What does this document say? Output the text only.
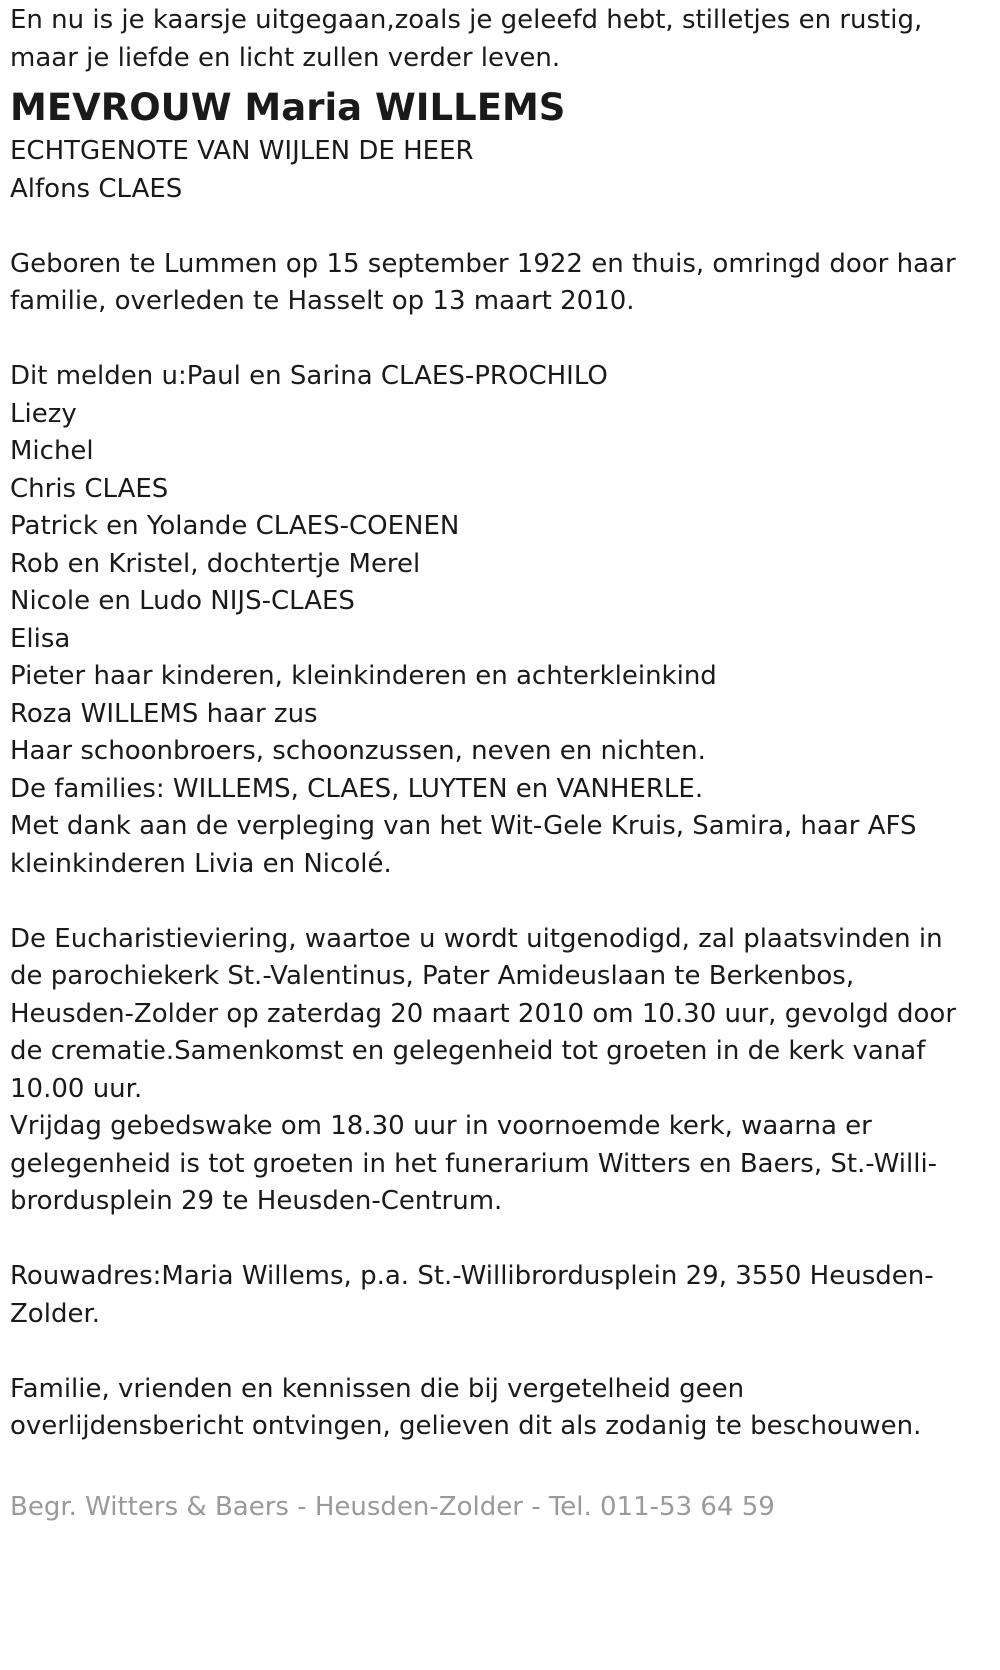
En nu is je kaarsje uitgegaan,zoals je geleefd hebt, stilletjes en rustig,
maar je liefde en licht zullen verder leven.
MEVROUW Maria WILLEMS
ECHTGENOTE VAN WIJLEN DE HEER
Alfons CLAES
Geboren te Lummen op 15 september 1922 en thuis, omringd door haar
familie, overleden te Hasselt op 13 maart 2010.
Dit melden u:Paul en Sarina CLAES-PROCHILO
Liezy
Michel
Chris CLAES
Patrick en Yolande CLAES-COENEN
Rob en Kristel, dochtertje Merel
Nicole en Ludo NIJS-CLAES
Elisa
Pieter haar kinderen, kleinkinderen en achterkleinkind
Roza WILLEMS haar zus
Haar schoonbroers, schoonzussen, neven en nichten.
De families: WILLEMS, CLAES, LUYTEN en VANHERLE.
Met dank aan de verpleging van het Wit-Gele Kruis, Samira, haar AFS
kleinkinderen Livia en Nicolé.
De Eucharistieviering, waartoe u wordt uitgenodigd, zal plaatsvinden in
de parochiekerk St.-Valentinus, Pater Amideuslaan te Berkenbos,
Heusden-Zolder op zaterdag 20 maart 2010 om 10.30 uur, gevolgd door
de crematie.Samenkomst en gelegenheid tot groeten in de kerk vanaf
10.00 uur.
Vrijdag gebedswake om 18.30 uur in voornoemde kerk, waarna er
gelegenheid is tot groeten in het funerarium Witters en Baers, St.-Willi-
brordusplein 29 te Heusden-Centrum.
Rouwadres:Maria Willems, p.a. St.-Willibrordusplein 29, 3550 Heusden-
Zolder.
Familie, vrienden en kennissen die bij vergetelheid geen
overlijdensbericht ontvingen, gelieven dit als zodanig te beschouwen.
Begr. Witters & Baers - Heusden-Zolder - Tel. 011-53 64 59
